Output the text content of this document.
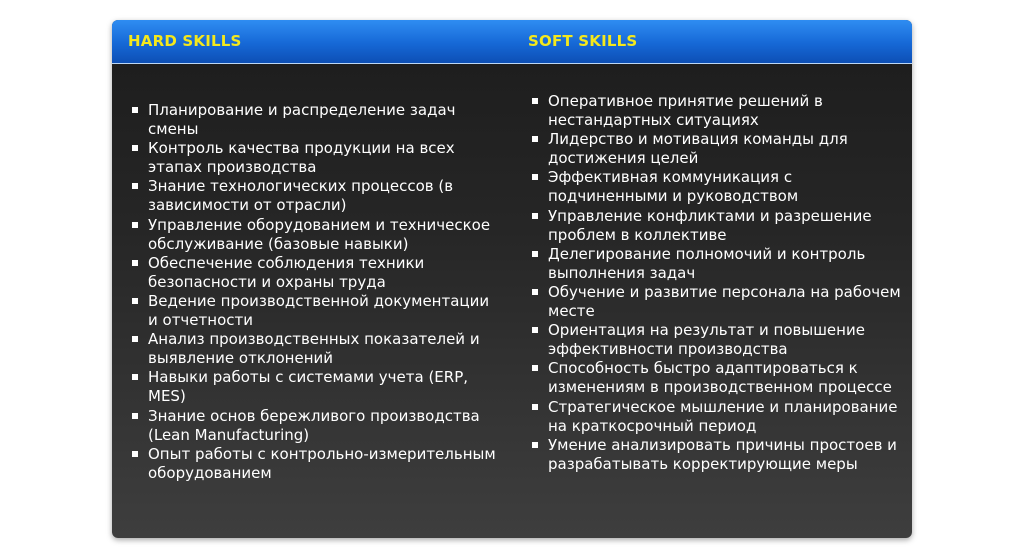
HARD SKILLS	SOFT SKILLS
Планирование и распределение задач смены
Контроль качества продукции на всех этапах производства
Знание технологических процессов (в зависимости от отрасли)
Управление оборудованием и техническое обслуживание (базовые навыки)
Обеспечение соблюдения техники безопасности и охраны труда
Ведение производственной документации и отчетности
Анализ производственных показателей и выявление отклонений
Навыки работы с системами учета (ERP, MES)
Знание основ бережливого производства (Lean Manufacturing)
Опыт работы с контрольно-измерительным оборудованием
Оперативное принятие решений в нестандартных ситуациях
Лидерство и мотивация команды для достижения целей
Эффективная коммуникация с подчиненными и руководством
Управление конфликтами и разрешение проблем в коллективе
Делегирование полномочий и контроль выполнения задач
Обучение и развитие персонала на рабочем месте
Ориентация на результат и повышение эффективности производства
Способность быстро адаптироваться к изменениям в производственном процессе
Стратегическое мышление и планирование на краткосрочный период
Умение анализировать причины простоев и разрабатывать корректирующие меры
